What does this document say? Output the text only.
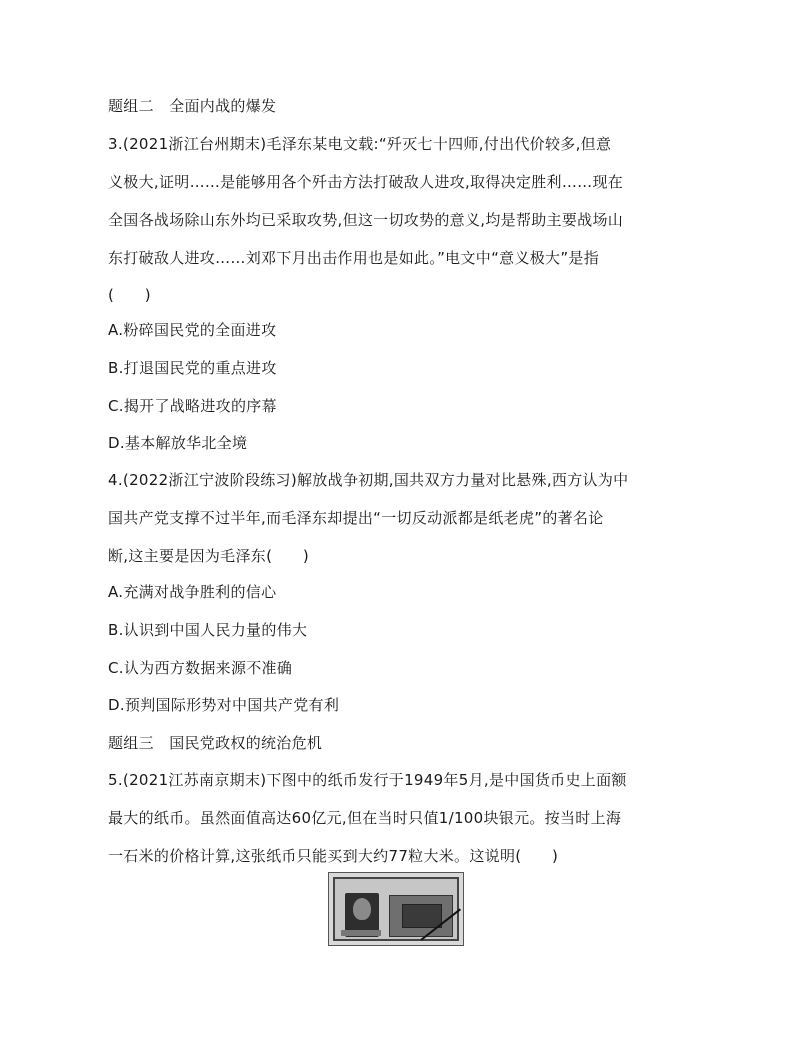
题组二　全面内战的爆发
3.(2021浙江台州期末)毛泽东某电文载:“歼灭七十四师,付出代价较多,但意
义极大,证明……是能够用各个歼击方法打破敌人进攻,取得决定胜利……现在
全国各战场除山东外均已采取攻势,但这一切攻势的意义,均是帮助主要战场山
东打破敌人进攻……刘邓下月出击作用也是如此。”电文中“意义极大”是指
(　　)
A.粉碎国民党的全面进攻
B.打退国民党的重点进攻
C.揭开了战略进攻的序幕
D.基本解放华北全境
4.(2022浙江宁波阶段练习)解放战争初期,国共双方力量对比悬殊,西方认为中
国共产党支撑不过半年,而毛泽东却提出“一切反动派都是纸老虎”的著名论
断,这主要是因为毛泽东(　　)
A.充满对战争胜利的信心
B.认识到中国人民力量的伟大
C.认为西方数据来源不准确
D.预判国际形势对中国共产党有利
题组三　国民党政权的统治危机
5.(2021江苏南京期末)下图中的纸币发行于1949年5月,是中国货币史上面额
最大的纸币。虽然面值高达60亿元,但在当时只值1/100块银元。按当时上海
一石米的价格计算,这张纸币只能买到大约77粒大米。这说明(　　)
